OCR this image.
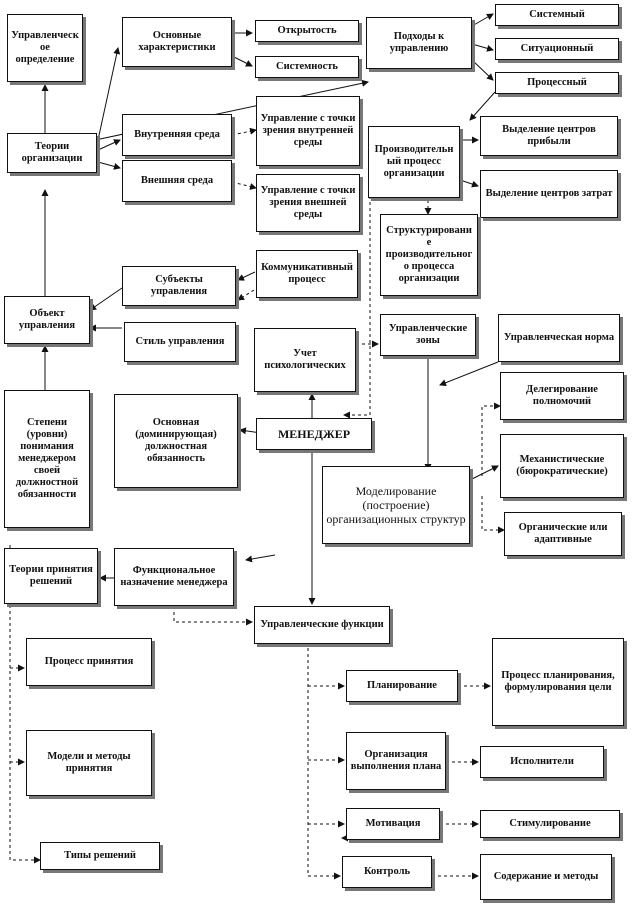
Управленческое определение
Основные характеристики
Открытость
Системность
Подходы к управлению
Системный
Ситуационный
Процессный
Теории организации
Внутренняя среда
Внешняя среда
Управление с точки зрения внутренней среды
Управление с точки зрения внешней среды
Производительный процесс организации
Выделение центров прибыли
Выделение центров затрат
Структурирование производительного процесса организации
Субъекты управления
Коммуникативный процесс
Объект управления
Стиль управления
Учет психологических
Управленческие зоны	Управленческая норма
Степени (уровни) понимания менеджером своей должностной обязанности
Основная (доминирующая) должностная обязанность
МЕНЕДЖЕР
Делегирование полномочий
Механистические (бюрократические)
Моделирование (построение) организационных структур
Органические или адаптивные
Теории принятия решений
Функциональное назначение менеджера
Управленческие функции
Процесс принятия
Процесс планирования, формулирования цели
Планирование
Модели и методы принятия
Организация выполнения плана	Исполнители
Мотивация	Стимулирование
Типы решений
Контроль	Содержание и методы
